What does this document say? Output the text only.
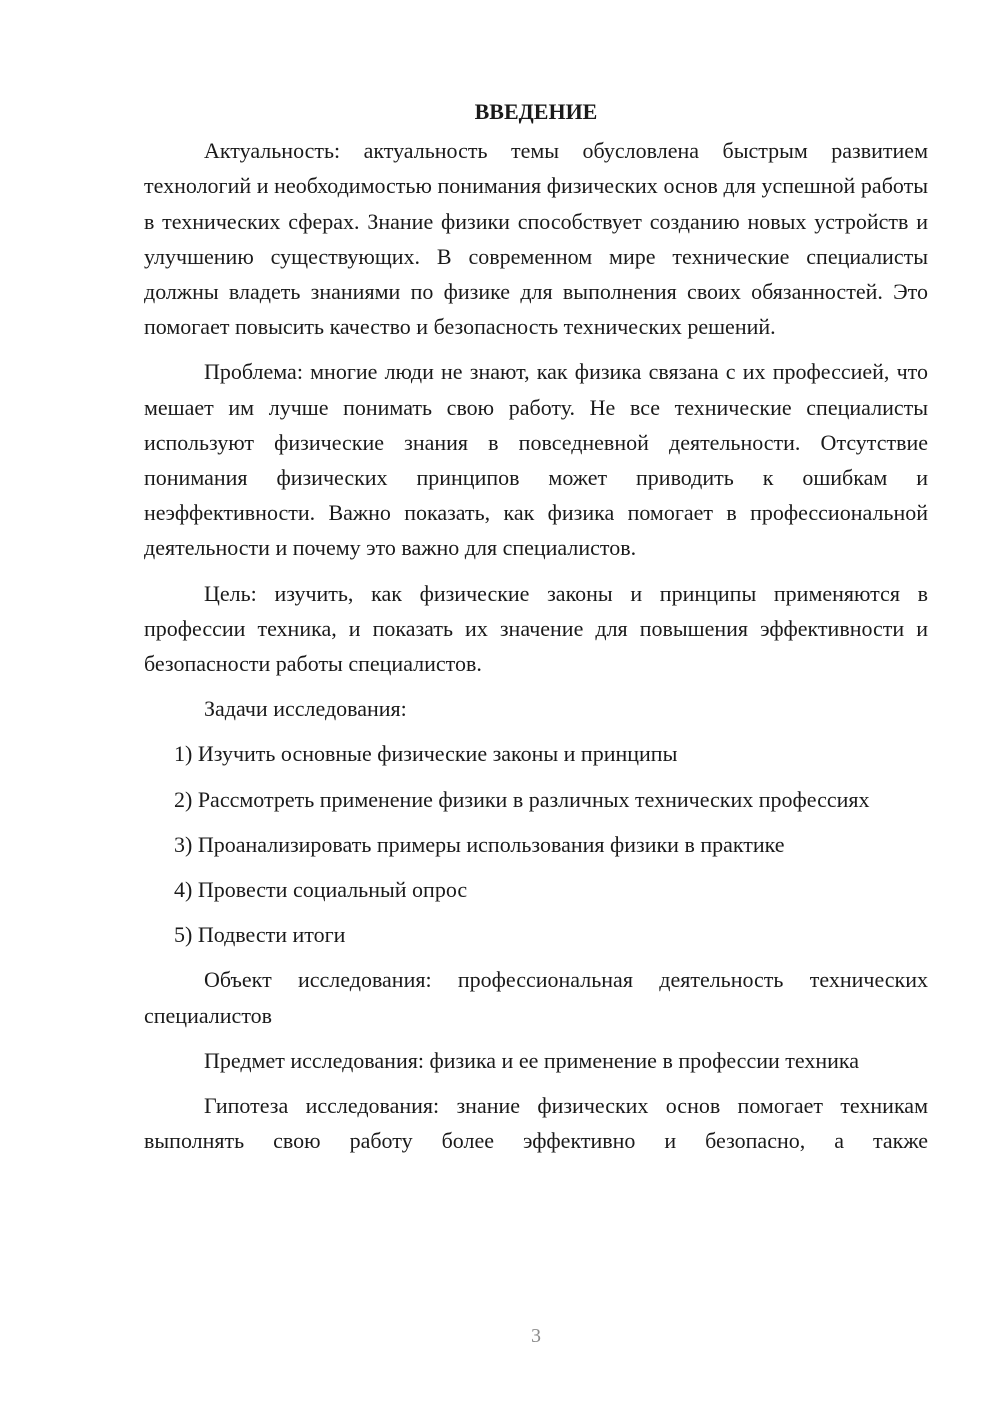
ВВЕДЕНИЕ

Актуальность: актуальность темы обусловлена быстрым развитием технологий и необходимостью понимания физических основ для успешной работы в технических сферах. Знание физики способствует созданию новых устройств и улучшению существующих. В современном мире технические специалисты должны владеть знаниями по физике для выполнения своих обязанностей. Это помогает повысить качество и безопасность технических решений.

Проблема: многие люди не знают, как физика связана с их профессией, что мешает им лучше понимать свою работу. Не все технические специалисты используют физические знания в повседневной деятельности. Отсутствие понимания физических принципов может приводить к ошибкам и неэффективности. Важно показать, как физика помогает в профессиональной деятельности и почему это важно для специалистов.

Цель: изучить, как физические законы и принципы применяются в профессии техника, и показать их значение для повышения эффективности и безопасности работы специалистов.

Задачи исследования:

1) Изучить основные физические законы и принципы

2) Рассмотреть применение физики в различных технических профессиях

3) Проанализировать примеры использования физики в практике

4) Провести социальный опрос

5) Подвести итоги

Объект исследования: профессиональная деятельность технических специалистов

Предмет исследования: физика и ее применение в профессии техника

Гипотеза исследования: знание физических основ помогает техникам выполнять свою работу более эффективно и безопасно, а также

3
